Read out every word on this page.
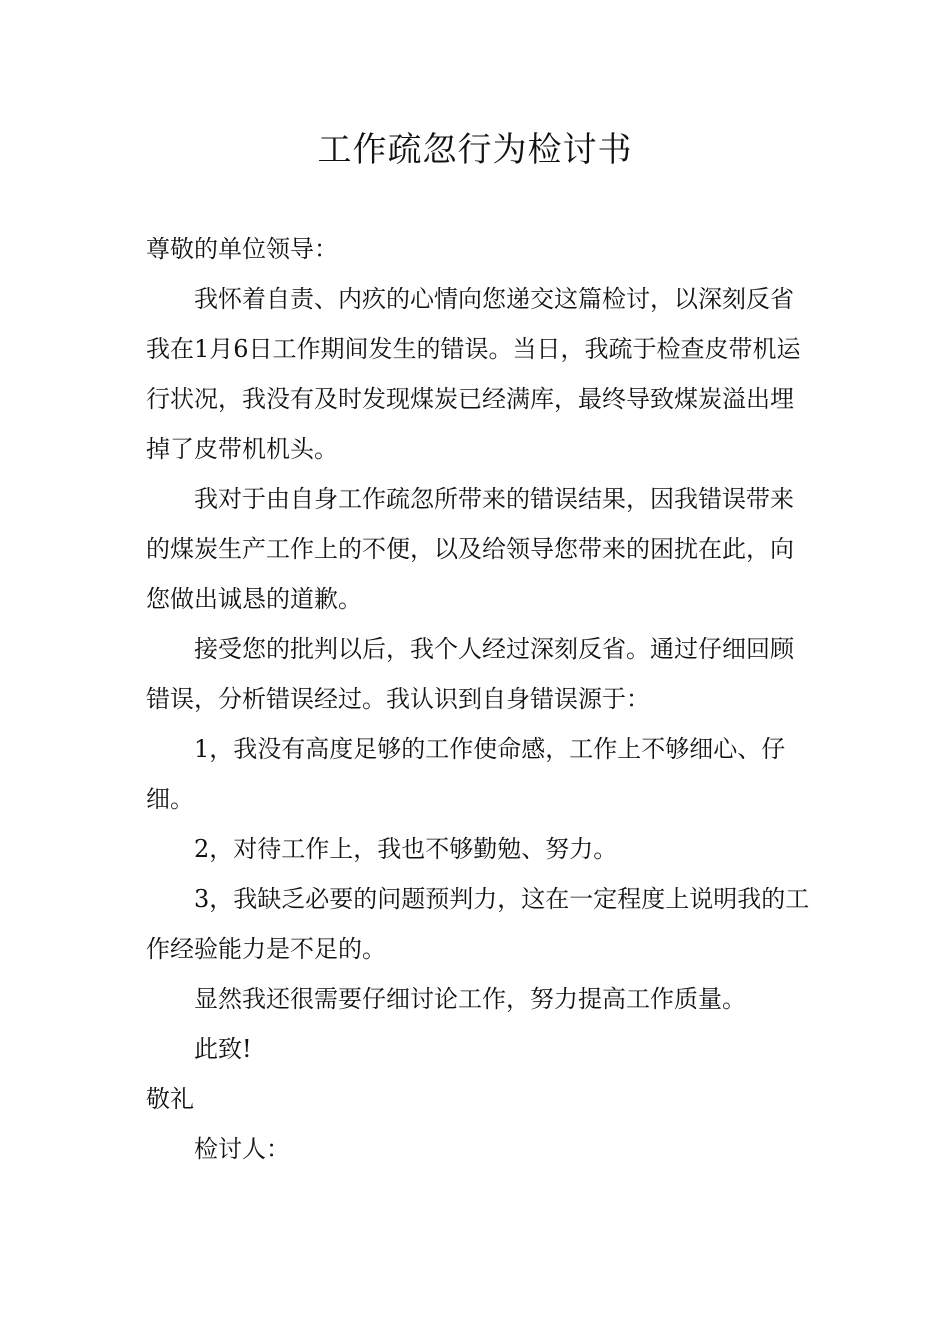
工作疏忽行为检讨书

尊敬的单位领导：

我怀着自责、内疚的心情向您递交这篇检讨，以深刻反省我在1月6日工作期间发生的错误。当日，我疏于检查皮带机运行状况，我没有及时发现煤炭已经满库，最终导致煤炭溢出埋掉了皮带机机头。

我对于由自身工作疏忽所带来的错误结果，因我错误带来的煤炭生产工作上的不便，以及给领导您带来的困扰在此，向您做出诚恳的道歉。

接受您的批判以后，我个人经过深刻反省。通过仔细回顾错误，分析错误经过。我认识到自身错误源于：

1，我没有高度足够的工作使命感，工作上不够细心、仔细。

2，对待工作上，我也不够勤勉、努力。

3，我缺乏必要的问题预判力，这在一定程度上说明我的工作经验能力是不足的。

显然我还很需要仔细讨论工作，努力提高工作质量。

此致!

敬礼

检讨人：
